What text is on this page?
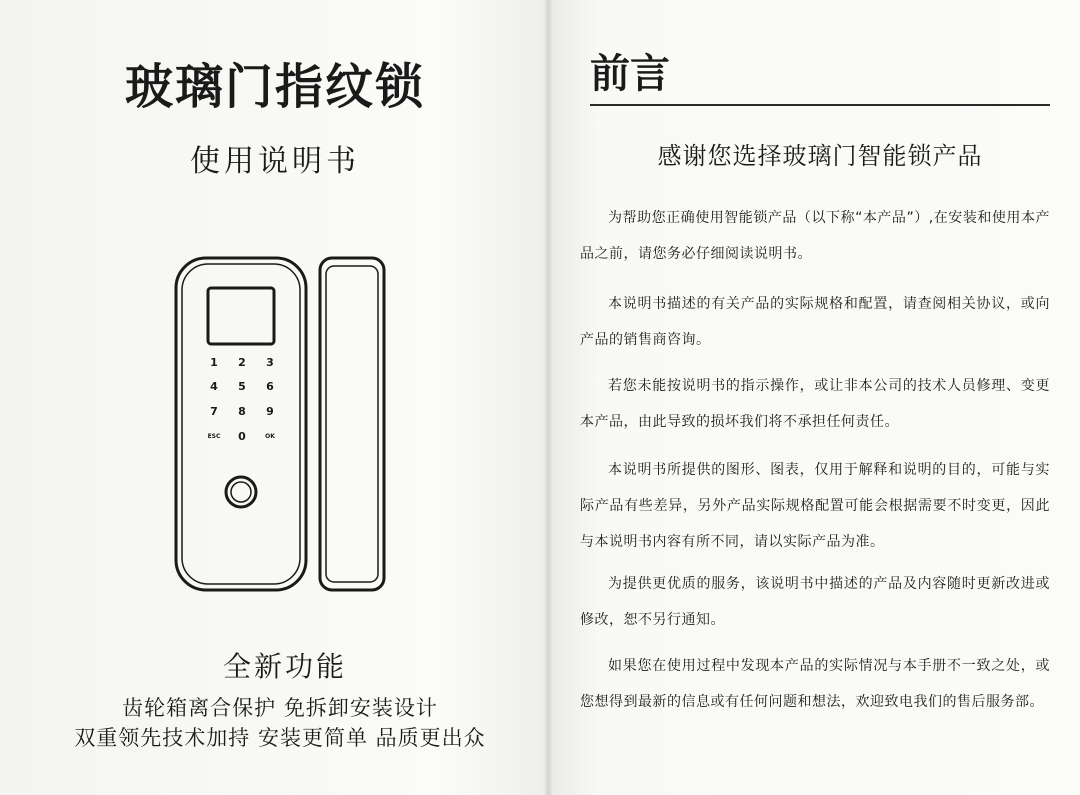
玻璃门指纹锁
使用说明书
1 2 3
4 5 6
7 8 9
ESC 0	OK
全新功能
齿轮箱离合保护 免拆卸安装设计
双重领先技术加持 安装更简单 品质更出众
前言
感谢您选择玻璃门智能锁产品

为帮助您正确使用智能锁产品（以下称“本产品”）,在安装和使用本产品之前，请您务必仔细阅读说明书。

本说明书描述的有关产品的实际规格和配置，请查阅相关协议，或向产品的销售商咨询。

若您未能按说明书的指示操作，或让非本公司的技术人员修理、变更本产品，由此导致的损坏我们将不承担任何责任。

本说明书所提供的图形、图表，仅用于解释和说明的目的，可能与实际产品有些差异，另外产品实际规格配置可能会根据需要不时变更，因此与本说明书内容有所不同，请以实际产品为准。

为提供更优质的服务，该说明书中描述的产品及内容随时更新改进或修改，恕不另行通知。

如果您在使用过程中发现本产品的实际情况与本手册不一致之处，或您想得到最新的信息或有任何问题和想法，欢迎致电我们的售后服务部。
